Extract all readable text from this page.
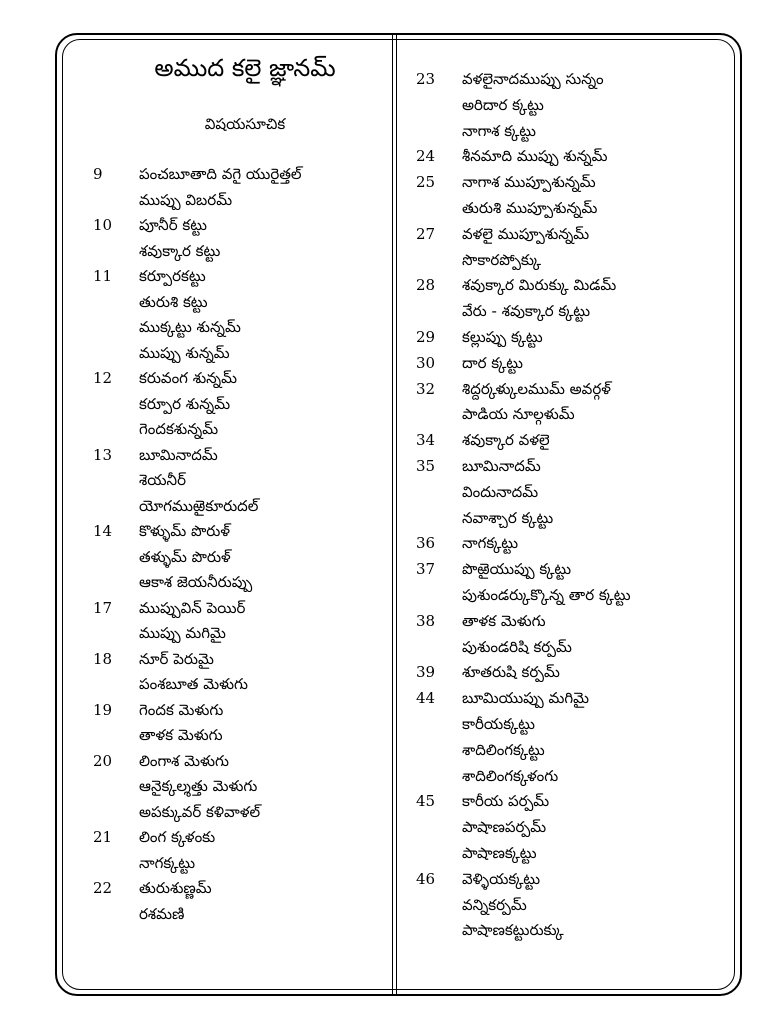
అముద కలై జ్ఞానమ్
విషయసూచిక
9	పంచబూతాది వగై యురైత్తల్
ముప్పు విబరమ్
10	పూనీర్ కట్టు
శవుక్కార కట్టు
11	కర్పూరకట్టు
తురుశి కట్టు
ముక్కట్టు శున్నమ్
ముప్పు శున్నమ్
12	కరువంగ శున్నమ్
కర్పూర శున్నమ్
గెందకశున్నమ్
13	బూమినాదమ్
శెయనీర్
యోగముఱైకూరుదల్
14	కొళ్ళుమ్ పొరుళ్
తళ్ళుమ్ పొరుళ్
ఆకాశ జెయనీరుప్పు
17	ముప్పువిన్ పెయిర్
ముప్పు మగిమై
18	నూర్ పెరుమై
పంశబూత మెళుగు
19	గెందక మెళుగు
తాళక మెళుగు
20	లింగాశ మెళుగు
ఆనైక్కల్శత్తు మెళుగు
అపక్కువర్ కళివాళల్
21	లింగ క్కళంకు
నాగక్కట్టు
22	తురుశుణ్ణమ్
రశమణి
23	వళలైనాదముప్పు సున్నం
అరిదార క్కట్టు
నాగాశ క్కట్టు
24	శీనమాది ముప్పు శున్నమ్
25	నాగాశ ముప్పూశున్నమ్
తురుశి ముప్పూశున్నమ్
27	వళలై ముప్పూశున్నమ్
సొకారప్పోక్కు
28	శవుక్కార మిరుక్కు మిడమ్
వేరు - శవుక్కార క్కట్టు
29	కల్లుప్పు క్కట్టు
30	దార క్కట్టు
32	శిద్దర్కళ్కులముమ్ అవర్గళ్
పాడియ నూల్గళుమ్
34	శవుక్కార వళలై
35	బూమినాదమ్
విందునాదమ్
నవాశ్చార క్కట్టు
36	నాగక్కట్టు
37	పొఱైయుప్పు క్కట్టు
పుశుండర్కుక్కొన్న తార క్కట్టు
38	తాళక మెళుగు
పుశుండరిషి కర్పమ్
39	శూతరుషి కర్పమ్
44	బూమియుప్పు మగిమై
కారీయక్కట్టు
శాదిలింగక్కట్టు
శాదిలింగక్కళంగు
45	కారీయ పర్పమ్
పాషాణపర్పమ్
పాషాణక్కట్టు
46	వెళ్ళియక్కట్టు
వన్నికర్పమ్
పాషాణకట్టురుక్కు
